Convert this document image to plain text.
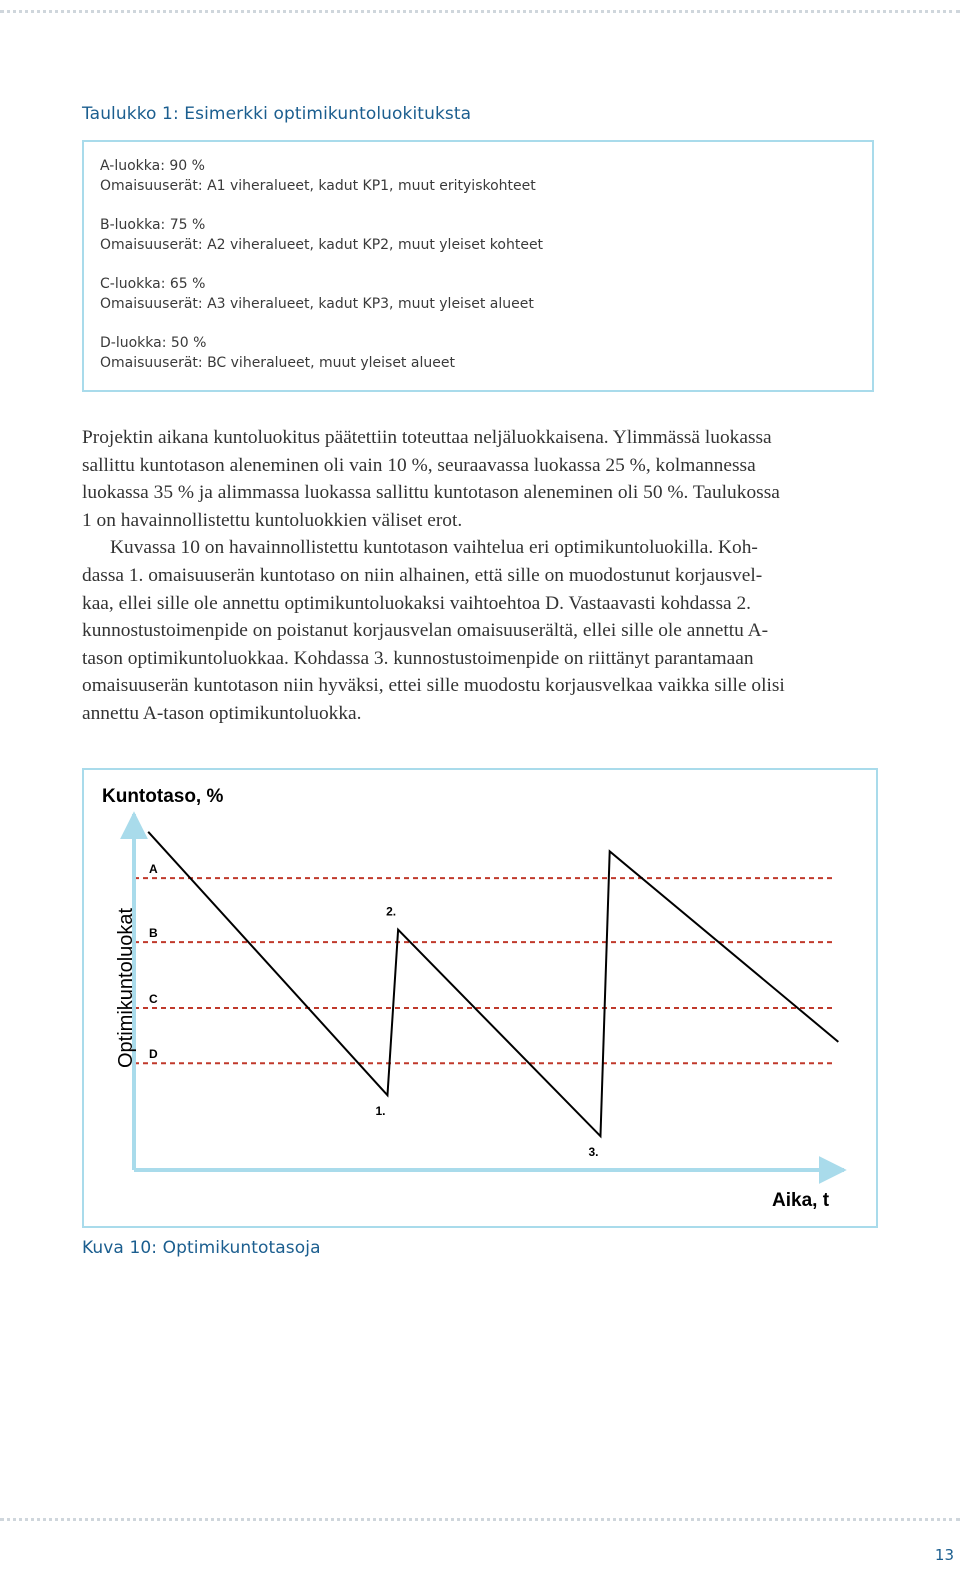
Taulukko 1: Esimerkki optimikuntoluokituksta
A-luokka: 90 %
Omaisuuserät: A1 viheralueet, kadut KP1, muut erityiskohteet
B-luokka: 75 %
Omaisuuserät: A2 viheralueet, kadut KP2, muut yleiset kohteet
C-luokka: 65 %
Omaisuuserät: A3 viheralueet, kadut KP3, muut yleiset alueet
D-luokka: 50 %
Omaisuuserät: BC viheralueet, muut yleiset alueet

Projektin aikana kuntoluokitus päätettiin toteuttaa neljäluokkaisena. Ylimmässä luokassa
sallittu kuntotason aleneminen oli vain 10 %, seuraavassa luokassa 25 %, kolmannessa
luokassa 35 % ja alimmassa luokassa sallittu kuntotason aleneminen oli 50 %. Taulukossa
1 on havainnollistettu kuntoluokkien väliset erot.

Kuvassa 10 on havainnollistettu kuntotason vaihtelua eri optimikuntoluokilla. Koh-
dassa 1. omaisuuserän kuntotaso on niin alhainen, että sille on muodostunut korjausvel-
kaa, ellei sille ole annettu optimikuntoluokaksi vaihtoehtoa D. Vastaavasti kohdassa 2.
kunnostustoimenpide on poistanut korjausvelan omaisuuserältä, ellei sille ole annettu A-
tason optimikuntoluokkaa. Kohdassa 3. kunnostustoimenpide on riittänyt parantamaan
omaisuuserän kuntotason niin hyväksi, ettei sille muodostu korjausvelkaa vaikka sille olisi
annettu A-tason optimikuntoluokka.

A
B
C
D
1.
2.
3.
Kuntotaso, %
Optimikuntoluokat
Aika, t
Kuva 10: Optimikuntotasoja
13
